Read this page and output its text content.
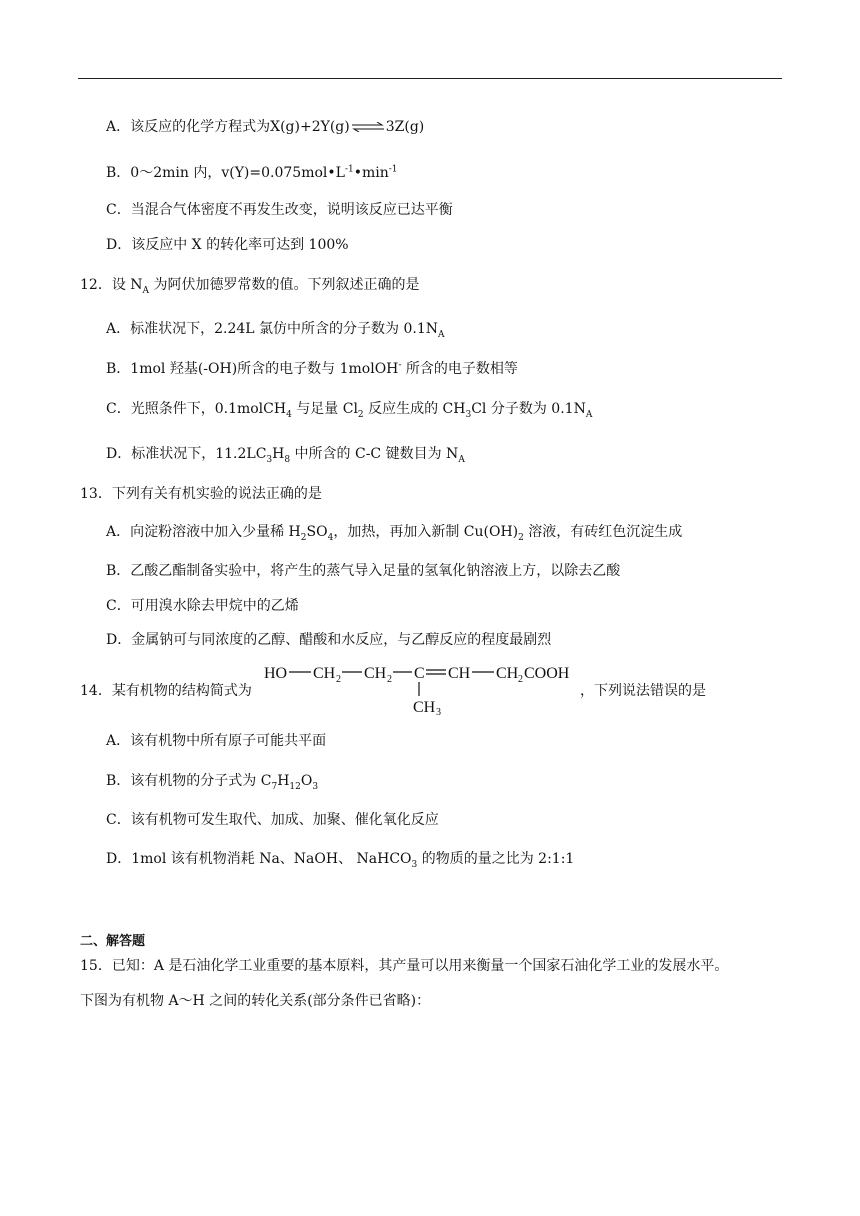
A．该反应的化学方程式为X(g)+2Y(g)⇌3Z(g)
B．0～2min 内，$v(Y)=0.075mol•L^{-1}•\min^{-1}$
C．当混合气体密度不再发生改变，说明该反应已达平衡
D．该反应中 X 的转化率可达到 100%
12．设 $N_A$ 为阿伏加德罗常数的值。下列叙述正确的是
A．标准状况下，2.24L 氯仿中所含的分子数为 $0.1N_A$
B．1mol 羟基(-OH)所含的电子数与 1molOH- 所含的电子数相等
C．光照条件下，0.1molCH$_4$ 与足量 $Cl_2$ 反应生成的 $CH_3Cl$ 分子数为 $0.1N_A$
D．标准状况下，$11.2LC_3H_8$ 中所含的 C-C 键数目为 $N_A$
13．下列有关有机实验的说法正确的是
A．向淀粉溶液中加入少量稀 $H_2SO_4$，加热，再加入新制 $Cu(OH)_2$ 溶液，有砖红色沉淀生成
B．乙酸乙酯制备实验中，将产生的蒸气导入足量的氢氧化钠溶液上方，以除去乙酸
C．可用溴水除去甲烷中的乙烯
D．金属钠可与同浓度的乙醇、醋酸和水反应，与乙醇反应的程度最剧烈
14．某有机物的结构简式为
HO CH 2 CH 2 C CH CH 2 COOH
CH 3
，下列说法错误的是
A．该有机物中所有原子可能共平面
B．该有机物的分子式为 $C_7H_{12}O_3$
C．该有机物可发生取代、加成、加聚、催化氧化反应
D．1mol 该有机物消耗 Na、NaOH、 NaHCO$_3$ 的物质的量之比为 2:1:1
二、解答题
15．已知：A 是石油化学工业重要的基本原料，其产量可以用来衡量一个国家石油化学工业的发展水平。
下图为有机物 A～H 之间的转化关系(部分条件已省略)：
